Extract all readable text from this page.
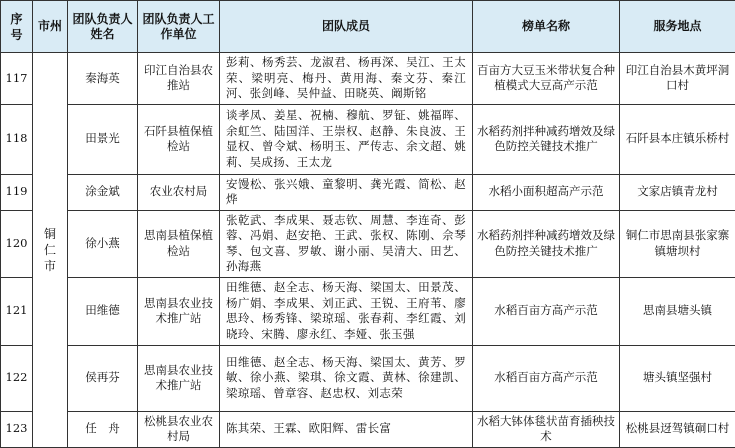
序号	市州	团队负责人姓名	团队负责人工作单位	团队成员	榜单名称	服务地点
117	铜仁市	秦海英	印江自治县农推站	彭莉、杨秀芸、龙淑君、杨再深、吴江、王太荣、梁明亮、梅丹、黄用海、秦文芬、秦江河、张剑峰、吴仲益、田晓英、阚斯铭	百亩方大豆玉米带状复合种植模式大豆高产示范	印江自治县木黄坪洞口村
118		田景光	石阡县植保植检站	谈孝凤、姜星、祝楠、穆航、罗钲、姚福晖、余虹竺、陆国洋、王崇权、赵静、朱良波、王显权、曾令斌、杨明玉、严传志、余文超、姚莉、吴成扬、王太龙	水稻药剂拌种减药增效及绿色防控关键技术推广	石阡县本庄镇乐桥村
119		涂金斌	农业农村局	安馒松、张兴娥、童黎明、龚光霞、简松、赵烨	水稻小面积超高产示范	文家店镇青龙村
120		徐小燕	思南县植保植检站	张乾武、李成果、聂志钦、周慧、李连奇、彭蓉、冯娟、赵安艳、王武、张权、陈刚、佘琴琴、包文喜、罗敏、谢小丽、吴清大、田艺、孙海燕	水稻药剂拌种减药增效及绿色防控关键技术推广	铜仁市思南县张家寨镇塘坝村
121		田维德	思南县农业技术推广站	田维德、赵全志、杨天海、梁国太、田景茂、杨广娟、李成果、刘正武、王锐、王府苇、廖思玲、杨秀锋、梁琼瑶、张春莉、李红霞、刘晓玲、宋腾、廖永红、李娅、张玉强	水稻百亩方高产示范	思南县塘头镇
122		侯再芬	思南县农业技术推广站	田维德、赵全志、杨天海、梁国太、黄芳、罗敏、徐小燕、梁琪、徐文霞、黄林、徐建凯、梁琼瑶、曾章容、赵忠权、刘志荣	水稻百亩方高产示范	塘头镇坚强村
123		任　舟	松桃县农业农村局	陈其荣、王霖、欧阳辉、雷长富	水稻大钵体毯状苗育插秧技术	松桃县迓驾镇硐口村
